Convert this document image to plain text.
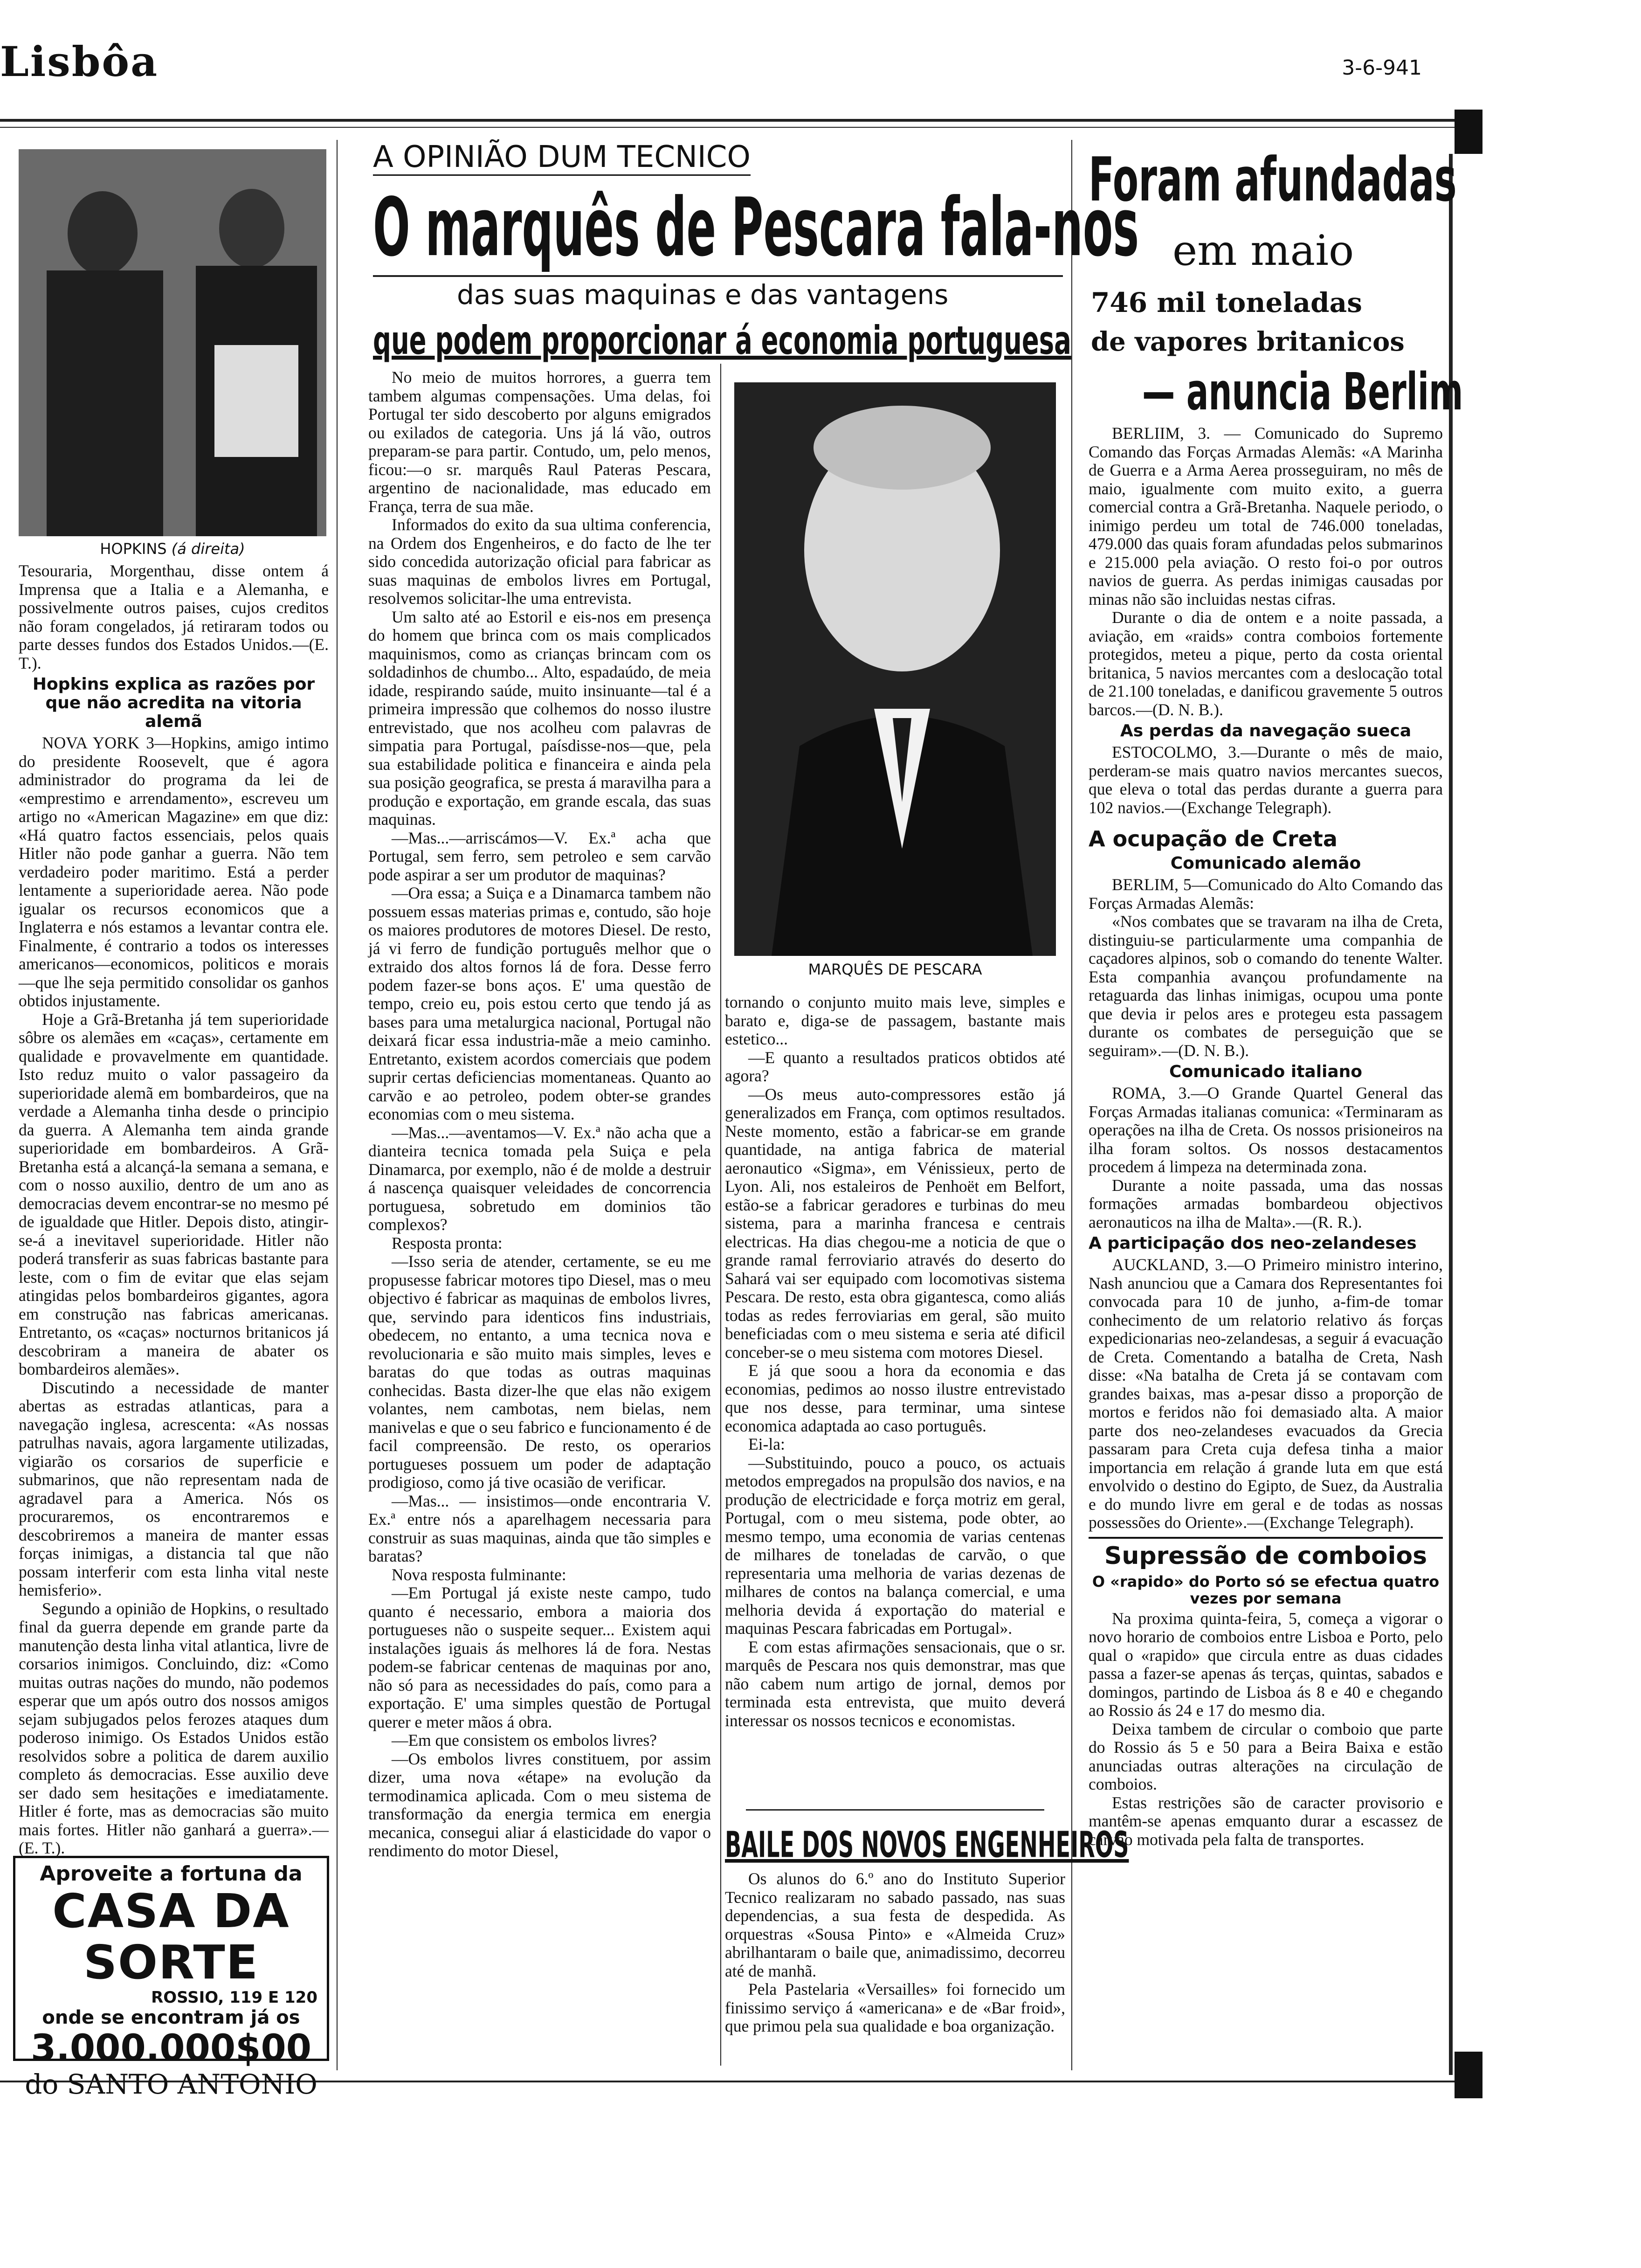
Lisbôa	3-6-941
HOPKINS (á direita)

Tesouraria, Morgenthau, disse ontem á Imprensa que a Italia e a Alemanha, e possivelmente outros paises, cujos creditos não foram congelados, já retiraram todos ou parte desses fundos dos Estados Unidos.—(E. T.).

Hopkins explica as razões por que não acredita na vitoria alemã

NOVA YORK 3—Hopkins, amigo intimo do presidente Roosevelt, que é agora administrador do programa da lei de «emprestimo e arrendamento», escreveu um artigo no «American Magazine» em que diz: «Há quatro factos essenciais, pelos quais Hitler não pode ganhar a guerra. Não tem verdadeiro poder maritimo. Está a perder lentamente a superioridade aerea. Não pode igualar os recursos economicos que a Inglaterra e nós estamos a levantar contra ele. Finalmente, é contrario a todos os interesses americanos—economicos, politicos e morais—que lhe seja permitido consolidar os ganhos obtidos injustamente.

Hoje a Grã-Bretanha já tem superioridade sôbre os alemães em «caças», certamente em qualidade e provavelmente em quantidade. Isto reduz muito o valor passageiro da superioridade alemã em bombardeiros, que na verdade a Alemanha tinha desde o principio da guerra. A Alemanha tem ainda grande superioridade em bombardeiros. A Grã-Bretanha está a alcançá-la semana a semana, e com o nosso auxilio, dentro de um ano as democracias devem encontrar-se no mesmo pé de igualdade que Hitler. Depois disto, atingir-se-á a inevitavel superioridade. Hitler não poderá transferir as suas fabricas bastante para leste, com o fim de evitar que elas sejam atingidas pelos bombardeiros gigantes, agora em construção nas fabricas americanas. Entretanto, os «caças» nocturnos britanicos já descobriram a maneira de abater os bombardeiros alemães».

Discutindo a necessidade de manter abertas as estradas atlanticas, para a navegação inglesa, acrescenta: «As nossas patrulhas navais, agora largamente utilizadas, vigiarão os corsarios de superficie e submarinos, que não representam nada de agradavel para a America. Nós os procuraremos, os encontraremos e descobriremos a maneira de manter essas forças inimigas, a distancia tal que não possam interferir com esta linha vital neste hemisferio».

Segundo a opinião de Hopkins, o resultado final da guerra depende em grande parte da manutenção desta linha vital atlantica, livre de corsarios inimigos. Concluindo, diz: «Como muitas outras nações do mundo, não podemos esperar que um após outro dos nossos amigos sejam subjugados pelos ferozes ataques dum poderoso inimigo. Os Estados Unidos estão resolvidos sobre a politica de darem auxilio completo ás democracias. Esse auxilio deve ser dado sem hesitações e imediatamente. Hitler é forte, mas as democracias são muito mais fortes. Hitler não ganhará a guerra».—(E. T.).

Aproveite a fortuna da
CASA DA SORTE
ROSSIO, 119 E 120
onde se encontram já os
3.000.000$00
do SANTO ANTONIO
A OPINIÃO DUM TECNICO
O marquês de Pescara fala-nos
das suas maquinas e das vantagens
que podem proporcionar á economia portuguesa

No meio de muitos horrores, a guerra tem tambem algumas compensações. Uma delas, foi Portugal ter sido descoberto por alguns emigrados ou exilados de categoria. Uns já lá vão, outros preparam-se para partir. Contudo, um, pelo menos, ficou:—o sr. marquês Raul Pateras Pescara, argentino de nacionalidade, mas educado em França, terra de sua mãe.

Informados do exito da sua ultima conferencia, na Ordem dos Engenheiros, e do facto de lhe ter sido concedida autorização oficial para fabricar as suas maquinas de embolos livres em Portugal, resolvemos solicitar-lhe uma entrevista.

Um salto até ao Estoril e eis-nos em presença do homem que brinca com os mais complicados maquinismos, como as crianças brincam com os soldadinhos de chumbo... Alto, espadaúdo, de meia idade, respirando saúde, muito insinuante—tal é a primeira impressão que colhemos do nosso ilustre entrevistado, que nos acolheu com palavras de simpatia para Portugal, paísdisse-nos—que, pela sua estabilidade politica e financeira e ainda pela sua posição geografica, se presta á maravilha para a produção e exportação, em grande escala, das suas maquinas.

—Mas...—arriscámos—V. Ex.ª acha que Portugal, sem ferro, sem petroleo e sem carvão pode aspirar a ser um produtor de maquinas?

—Ora essa; a Suiça e a Dinamarca tambem não possuem essas materias primas e, contudo, são hoje os maiores produtores de motores Diesel. De resto, já vi ferro de fundição português melhor que o extraido dos altos fornos lá de fora. Desse ferro podem fazer-se bons aços. E' uma questão de tempo, creio eu, pois estou certo que tendo já as bases para uma metalurgica nacional, Portugal não deixará ficar essa industria-mãe a meio caminho. Entretanto, existem acordos comerciais que podem suprir certas deficiencias momentaneas. Quanto ao carvão e ao petroleo, podem obter-se grandes economias com o meu sistema.

—Mas...—aventamos—V. Ex.ª não acha que a dianteira tecnica tomada pela Suiça e pela Dinamarca, por exemplo, não é de molde a destruir á nascença quaisquer veleidades de concorrencia portuguesa, sobretudo em dominios tão complexos?

Resposta pronta:

—Isso seria de atender, certamente, se eu me propusesse fabricar motores tipo Diesel, mas o meu objectivo é fabricar as maquinas de embolos livres, que, servindo para identicos fins industriais, obedecem, no entanto, a uma tecnica nova e revolucionaria e são muito mais simples, leves e baratas do que todas as outras maquinas conhecidas. Basta dizer-lhe que elas não exigem volantes, nem cambotas, nem bielas, nem manivelas e que o seu fabrico e funcionamento é de facil compreensão. De resto, os operarios portugueses possuem um poder de adaptação prodigioso, como já tive ocasião de verificar.

—Mas... — insistimos—onde encontraria V. Ex.ª entre nós a aparelhagem necessaria para construir as suas maquinas, ainda que tão simples e baratas?

Nova resposta fulminante:

—Em Portugal já existe neste campo, tudo quanto é necessario, embora a maioria dos portugueses não o suspeite sequer... Existem aqui instalações iguais ás melhores lá de fora. Nestas podem-se fabricar centenas de maquinas por ano, não só para as necessidades do país, como para a exportação. E' uma simples questão de Portugal querer e meter mãos á obra.

—Em que consistem os embolos livres?

—Os embolos livres constituem, por assim dizer, uma nova «étape» na evolução da termodinamica aplicada. Com o meu sistema de transformação da energia termica em energia mecanica, consegui aliar á elasticidade do vapor o rendimento do motor Diesel,

MARQUÊS DE PESCARA

tornando o conjunto muito mais leve, simples e barato e, diga-se de passagem, bastante mais estetico...

—E quanto a resultados praticos obtidos até agora?

—Os meus auto-compressores estão já generalizados em França, com optimos resultados. Neste momento, estão a fabricar-se em grande quantidade, na antiga fabrica de material aeronautico «Sigma», em Vénissieux, perto de Lyon. Ali, nos estaleiros de Penhoët em Belfort, estão-se a fabricar geradores e turbinas do meu sistema, para a marinha francesa e centrais electricas. Ha dias chegou-me a noticia de que o grande ramal ferroviario através do deserto do Sahará vai ser equipado com locomotivas sistema Pescara. De resto, esta obra gigantesca, como aliás todas as redes ferroviarias em geral, são muito beneficiadas com o meu sistema e seria até dificil conceber-se o meu sistema com motores Diesel.

E já que soou a hora da economia e das economias, pedimos ao nosso ilustre entrevistado que nos desse, para terminar, uma sintese economica adaptada ao caso português.

Ei-la:

—Substituindo, pouco a pouco, os actuais metodos empregados na propulsão dos navios, e na produção de electricidade e força motriz em geral, Portugal, com o meu sistema, pode obter, ao mesmo tempo, uma economia de varias centenas de milhares de toneladas de carvão, o que representaria uma melhoria de varias dezenas de milhares de contos na balança comercial, e uma melhoria devida á exportação do material e maquinas Pescara fabricadas em Portugal».

E com estas afirmações sensacionais, que o sr. marquês de Pescara nos quis demonstrar, mas que não cabem num artigo de jornal, demos por terminada esta entrevista, que muito deverá interessar os nossos tecnicos e economistas.

BAILE DOS NOVOS ENGENHEIROS

Os alunos do 6.º ano do Instituto Superior Tecnico realizaram no sabado passado, nas suas dependencias, a sua festa de despedida. As orquestras «Sousa Pinto» e «Almeida Cruz» abrilhantaram o baile que, animadissimo, decorreu até de manhã.

Pela Pastelaria «Versailles» foi fornecido um finissimo serviço á «americana» e de «Bar froid», que primou pela sua qualidade e boa organização.

Foram afundadas
em maio
746 mil toneladas
de vapores britanicos
— anuncia Berlim

BERLIIM, 3. — Comunicado do Supremo Comando das Forças Armadas Alemãs: «A Marinha de Guerra e a Arma Aerea prosseguiram, no mês de maio, igualmente com muito exito, a guerra comercial contra a Grã-Bretanha. Naquele periodo, o inimigo perdeu um total de 746.000 toneladas, 479.000 das quais foram afundadas pelos submarinos e 215.000 pela aviação. O resto foi-o por outros navios de guerra. As perdas inimigas causadas por minas não são incluidas nestas cifras.

Durante o dia de ontem e a noite passada, a aviação, em «raids» contra comboios fortemente protegidos, meteu a pique, perto da costa oriental britanica, 5 navios mercantes com a deslocação total de 21.100 toneladas, e danificou gravemente 5 outros barcos.—(D. N. B.).

As perdas da navegação sueca

ESTOCOLMO, 3.—Durante o mês de maio, perderam-se mais quatro navios mercantes suecos, que eleva o total das perdas durante a guerra para 102 navios.—(Exchange Telegraph).

A ocupação de Creta
Comunicado alemão

BERLIM, 5—Comunicado do Alto Comando das Forças Armadas Alemãs:

«Nos combates que se travaram na ilha de Creta, distinguiu-se particularmente uma companhia de caçadores alpinos, sob o comando do tenente Walter. Esta companhia avançou profundamente na retaguarda das linhas inimigas, ocupou uma ponte que devia ir pelos ares e protegeu esta passagem durante os combates de perseguição que se seguiram».—(D. N. B.).

Comunicado italiano

ROMA, 3.—O Grande Quartel General das Forças Armadas italianas comunica: «Terminaram as operações na ilha de Creta. Os nossos prisioneiros na ilha foram soltos. Os nossos destacamentos procedem á limpeza na determinada zona.

Durante a noite passada, uma das nossas formações armadas bombardeou objectivos aeronauticos na ilha de Malta».—(R. R.).

A participação dos neo-zelandeses

AUCKLAND, 3.—O Primeiro ministro interino, Nash anunciou que a Camara dos Representantes foi convocada para 10 de junho, a-fim-de tomar conhecimento de um relatorio relativo ás forças expedicionarias neo-zelandesas, a seguir á evacuação de Creta. Comentando a batalha de Creta, Nash disse: «Na batalha de Creta já se contavam com grandes baixas, mas a-pesar disso a proporção de mortos e feridos não foi demasiado alta. A maior parte dos neo-zelandeses evacuados da Grecia passaram para Creta cuja defesa tinha a maior importancia em relação á grande luta em que está envolvido o destino do Egipto, de Suez, da Australia e do mundo livre em geral e de todas as nossas possessões do Oriente».—(Exchange Telegraph).

Supressão de comboios
O «rapido» do Porto só se efectua quatro vezes por semana

Na proxima quinta-feira, 5, começa a vigorar o novo horario de comboios entre Lisboa e Porto, pelo qual o «rapido» que circula entre as duas cidades passa a fazer-se apenas ás terças, quintas, sabados e domingos, partindo de Lisboa ás 8 e 40 e chegando ao Rossio ás 24 e 17 do mesmo dia.

Deixa tambem de circular o comboio que parte do Rossio ás 5 e 50 para a Beira Baixa e estão anunciadas outras alterações na circulação de comboios.

Estas restrições são de caracter provisorio e mantêm-se apenas emquanto durar a escassez de carvão motivada pela falta de transportes.
